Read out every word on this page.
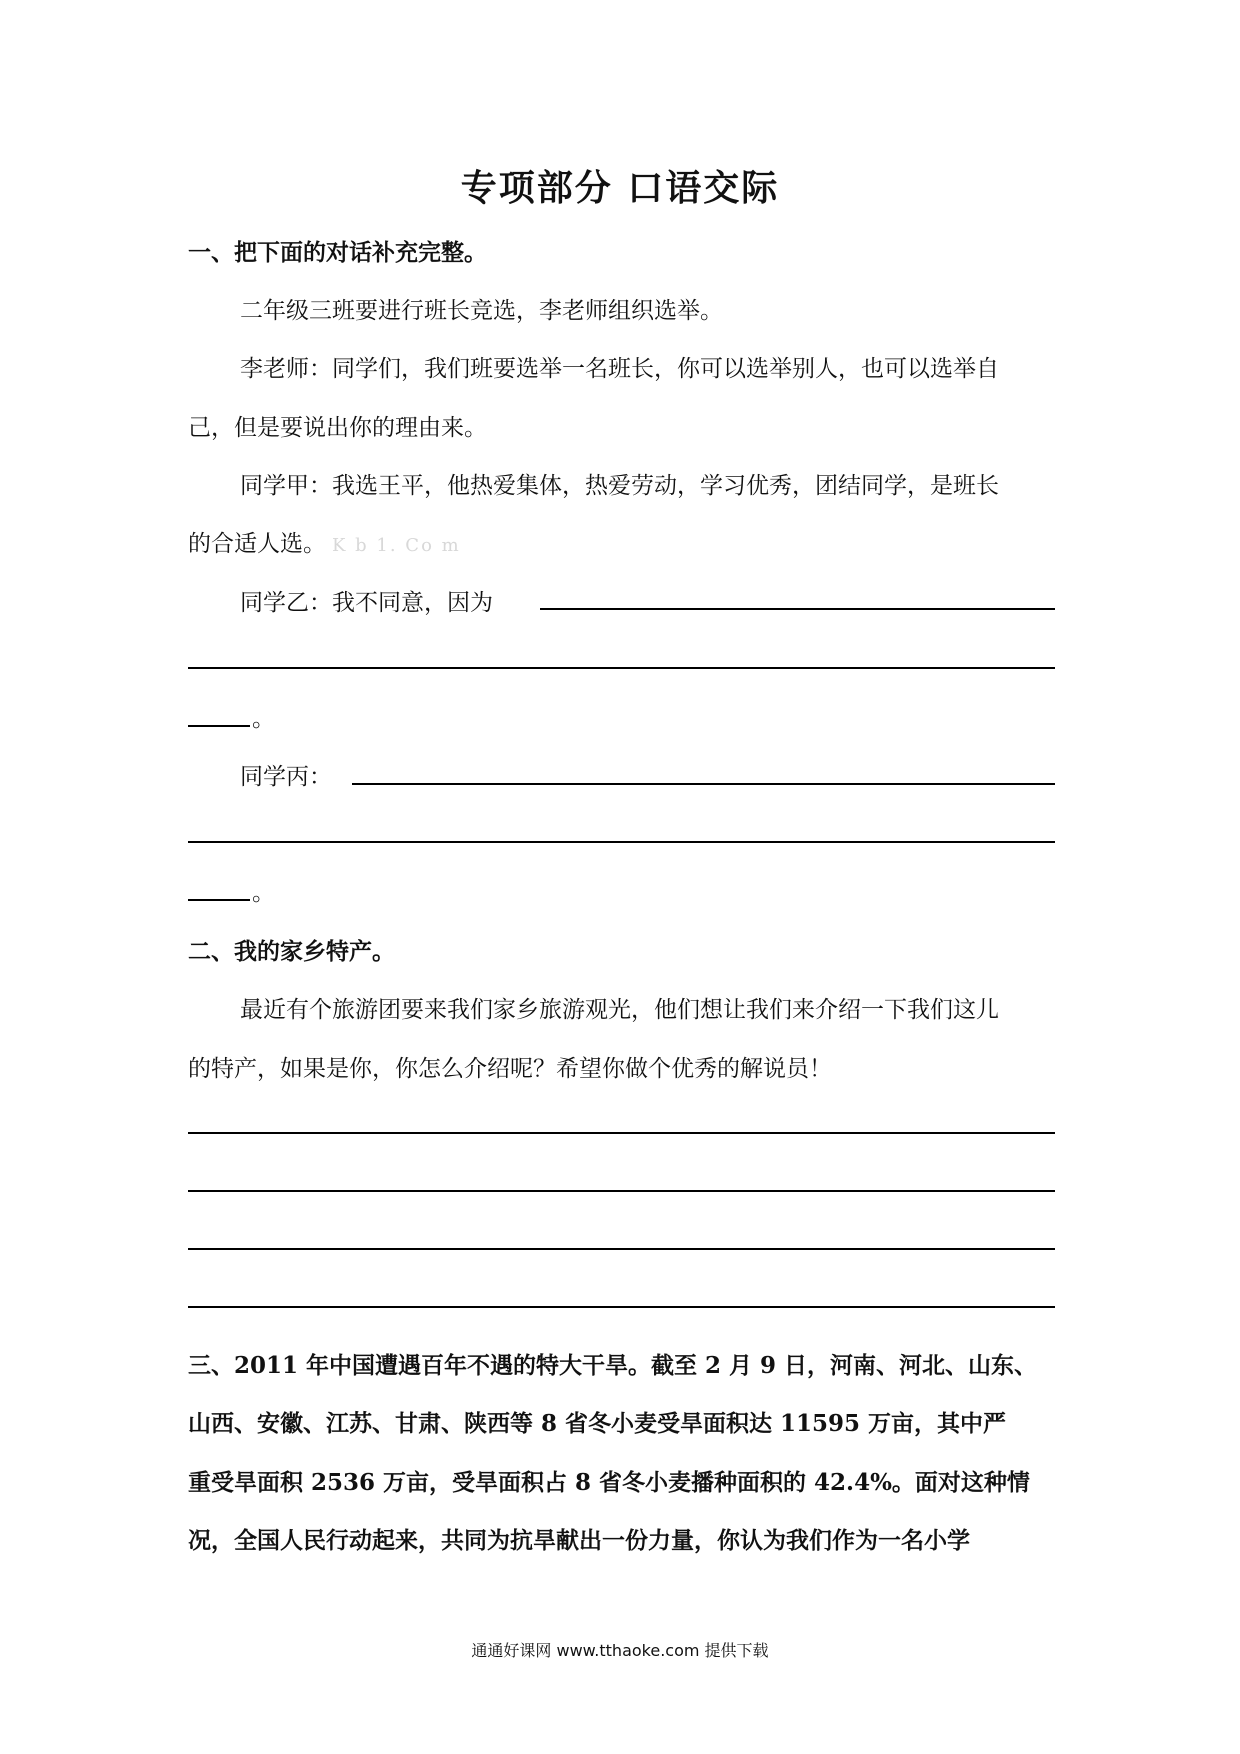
专项部分 口语交际
一、把下面的对话补充完整。
二年级三班要进行班长竞选，李老师组织选举。
李老师：同学们，我们班要选举一名班长，你可以选举别人，也可以选举自
己，但是要说出你的理由来。
同学甲：我选王平，他热爱集体，热爱劳动，学习优秀，团结同学，是班长
的合适人选。 K b 1. Co m
同学乙：我不同意，因为
。
同学丙：
。
二、我的家乡特产。
最近有个旅游团要来我们家乡旅游观光，他们想让我们来介绍一下我们这儿
的特产，如果是你，你怎么介绍呢？希望你做个优秀的解说员！
三、2011 年中国遭遇百年不遇的特大干旱。截至 2 月 9 日，河南、河北、山东、
山西、安徽、江苏、甘肃、陕西等 8 省冬小麦受旱面积达 11595 万亩，其中严
重受旱面积 2536 万亩，受旱面积占 8 省冬小麦播种面积的 42.4%。面对这种情
况，全国人民行动起来，共同为抗旱献出一份力量，你认为我们作为一名小学
通通好课网 www.tthaoke.com 提供下载
